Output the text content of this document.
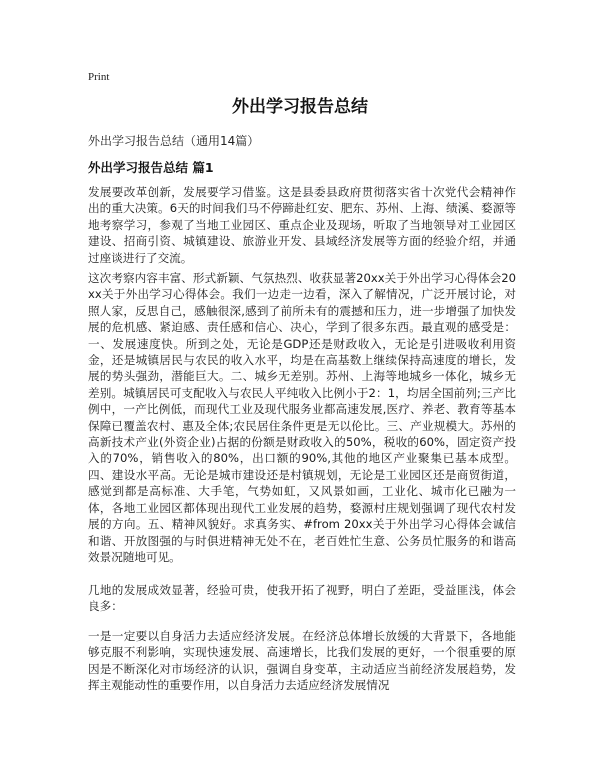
Print
外出学习报告总结
外出学习报告总结（通用14篇）
外出学习报告总结 篇1

发展要改革创新，发展要学习借鉴。这是县委县政府贯彻落实省十次党代会精神作出的重大决策。6天的时间我们马不停蹄赴红安、肥东、苏州、上海、绩溪、婺源等地考察学习，参观了当地工业园区、重点企业及现场，听取了当地领导对工业园区建设、招商引资、城镇建设、旅游业开发、县域经济发展等方面的经验介绍，并通过座谈进行了交流。

这次考察内容丰富、形式新颖、气氛热烈、收获显著20xx关于外出学习心得体会20xx关于外出学习心得体会。我们一边走一边看，深入了解情况，广泛开展讨论，对照人家，反思自己，感触很深,感到了前所未有的震撼和压力，进一步增强了加快发展的危机感、紧迫感、责任感和信心、决心，学到了很多东西。最直观的感受是：一、发展速度快。所到之处，无论是GDP还是财政收入，无论是引进吸收利用资金，还是城镇居民与农民的收入水平，均是在高基数上继续保持高速度的增长，发展的势头强劲，潜能巨大。二、城乡无差别。苏州、上海等地城乡一体化，城乡无差别。城镇居民可支配收入与农民人平纯收入比例小于2：1，均居全国前列;三产比例中，一产比例低，而现代工业及现代服务业都高速发展,医疗、养老、教育等基本保障已覆盖农村、惠及全体;农民居住条件更是无以伦比。三、产业规模大。苏州的高新技术产业(外资企业)占据的份额是财政收入的50%，税收的60%，固定资产投入的70%，销售收入的80%，出口额的90%,其他的地区产业聚集已基本成型。四、建设水平高。无论是城市建设还是村镇规划，无论是工业园区还是商贸街道，感觉到都是高标准、大手笔，气势如虹，又风景如画，工业化、城市化已融为一体，各地工业园区都体现出现代工业发展的趋势，婺源村庄规划强调了现代农村发展的方向。五、精神风貌好。求真务实、#from 20xx关于外出学习心得体会诚信和谐、开放图强的与时俱进精神无处不在，老百姓忙生意、公务员忙服务的和谐高效景况随地可见。

几地的发展成效显著，经验可贵，使我开拓了视野，明白了差距，受益匪浅，体会良多：

一是一定要以自身活力去适应经济发展。在经济总体增长放缓的大背景下，各地能够克服不利影响，实现快速发展、高速增长，比我们发展的更好，一个很重要的原因是不断深化对市场经济的认识，强调自身变革，主动适应当前经济发展趋势，发挥主观能动性的重要作用，以自身活力去适应经济发展情况
